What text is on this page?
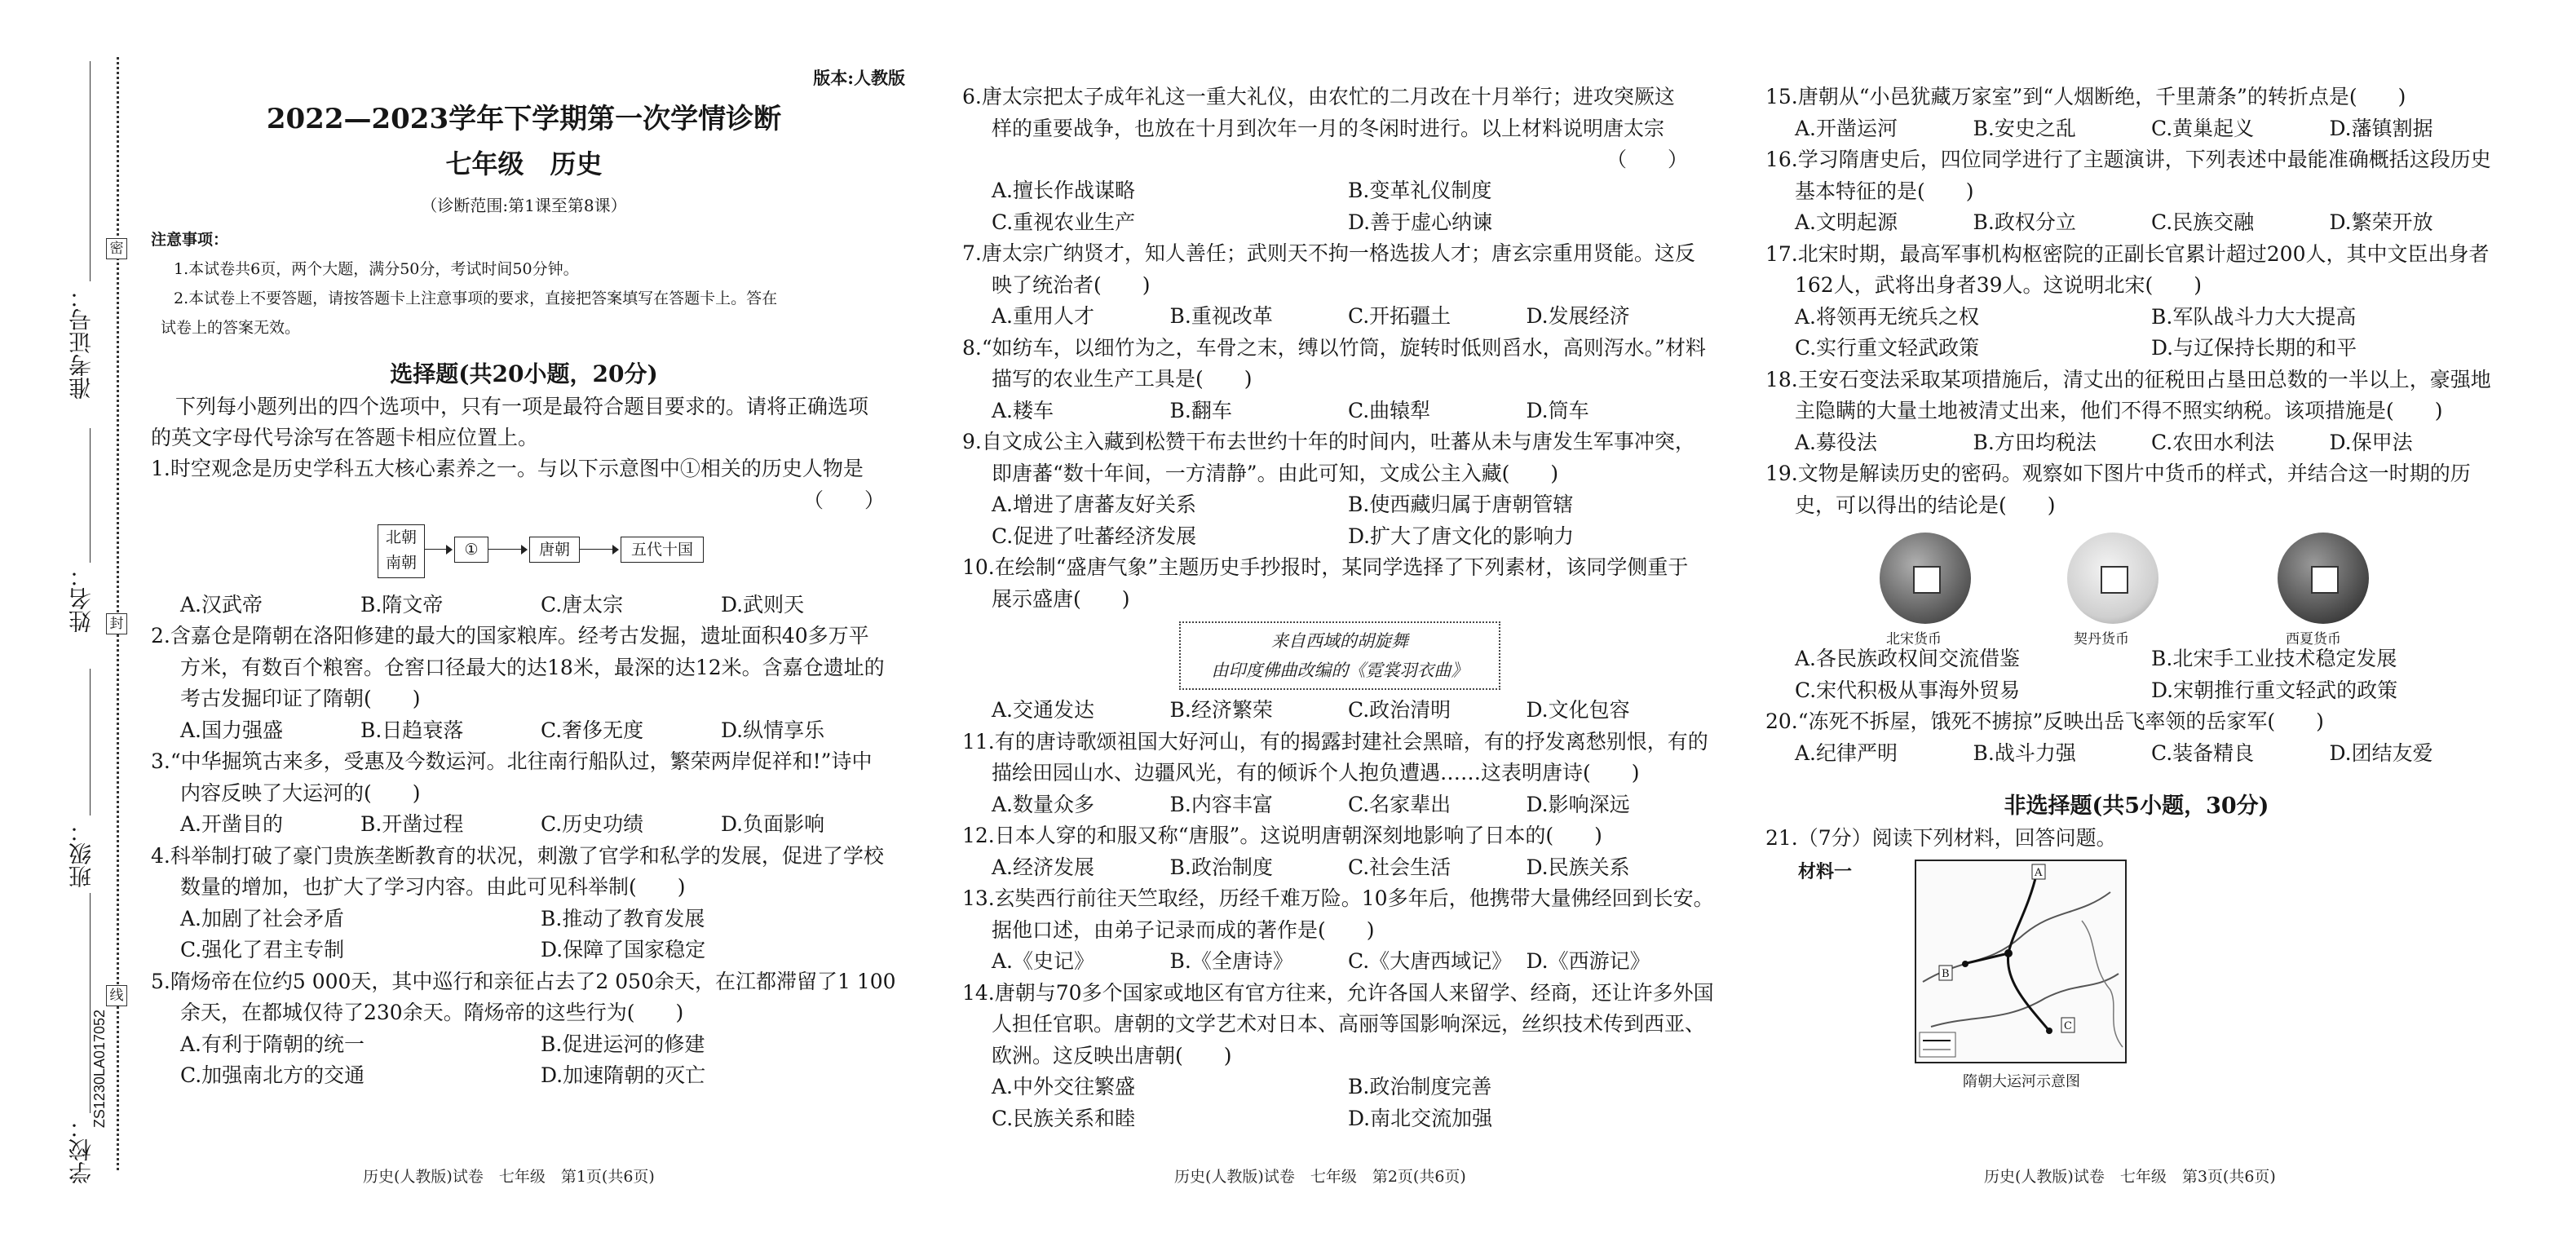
密
封
线
准考证号：
姓名：
班级：
学校：
ZS1230LA017052
版本:人教版
2022—2023学年下学期第一次学情诊断
七年级　历史
（诊断范围:第1课至第8课）
注意事项：
1.本试卷共6页，两个大题，满分50分，考试时间50分钟。
2.本试卷上不要答题，请按答题卡上注意事项的要求，直接把答案填写在答题卡上。答在
试卷上的答案无效。
选择题(共20小题，20分)

下列每小题列出的四个选项中，只有一项是最符合题目要求的。请将正确选项

的英文字母代号涂写在答题卡相应位置上。

1.时空观念是历史学科五大核心素养之一。与以下示意图中①相关的历史人物是

（　　）
北朝
南朝
①	唐朝	五代十国
A.汉武帝	B.隋文帝	C.唐太宗	D.武则天

2.含嘉仓是隋朝在洛阳修建的最大的国家粮库。经考古发掘，遗址面积40多万平

方米，有数百个粮窖。仓窖口径最大的达18米，最深的达12米。含嘉仓遗址的

考古发掘印证了隋朝(　　)

A.国力强盛	B.日趋衰落	C.奢侈无度	D.纵情享乐

3.“中华掘筑古来多，受惠及今数运河。北往南行船队过，繁荣两岸促祥和!”诗中

内容反映了大运河的(　　)

A.开凿目的	B.开凿过程	C.历史功绩	D.负面影响

4.科举制打破了豪门贵族垄断教育的状况，刺激了官学和私学的发展，促进了学校

数量的增加，也扩大了学习内容。由此可见科举制(　　)

A.加剧了社会矛盾	B.推动了教育发展
C.强化了君主专制	D.保障了国家稳定

5.隋炀帝在位约5 000天，其中巡行和亲征占去了2 050余天，在江都滞留了1 100

余天，在都城仅待了230余天。隋炀帝的这些行为(　　)

A.有利于隋朝的统一	B.促进运河的修建
C.加强南北方的交通	D.加速隋朝的灭亡
历史(人教版)试卷　七年级　第1页(共6页)

6.唐太宗把太子成年礼这一重大礼仪，由农忙的二月改在十月举行；进攻突厥这

样的重要战争，也放在十月到次年一月的冬闲时进行。以上材料说明唐太宗

（　　）
A.擅长作战谋略	B.变革礼仪制度
C.重视农业生产	D.善于虚心纳谏

7.唐太宗广纳贤才，知人善任；武则天不拘一格选拔人才；唐玄宗重用贤能。这反

映了统治者(　　)

A.重用人才	B.重视改革	C.开拓疆土	D.发展经济

8.“如纺车，以细竹为之，车骨之末，缚以竹筒，旋转时低则舀水，高则泻水。”材料

描写的农业生产工具是(　　)

A.耧车	B.翻车	C.曲辕犁	D.筒车

9.自文成公主入藏到松赞干布去世约十年的时间内，吐蕃从未与唐发生军事冲突，

即唐蕃“数十年间，一方清静”。由此可知，文成公主入藏(　　)

A.增进了唐蕃友好关系	B.使西藏归属于唐朝管辖
C.促进了吐蕃经济发展	D.扩大了唐文化的影响力

10.在绘制“盛唐气象”主题历史手抄报时，某同学选择了下列素材，该同学侧重于

展示盛唐(　　)

来自西域的胡旋舞
由印度佛曲改编的《霓裳羽衣曲》
A.交通发达	B.经济繁荣	C.政治清明	D.文化包容

11.有的唐诗歌颂祖国大好河山，有的揭露封建社会黑暗，有的抒发离愁别恨，有的

描绘田园山水、边疆风光，有的倾诉个人抱负遭遇……这表明唐诗(　　)

A.数量众多	B.内容丰富	C.名家辈出	D.影响深远

12.日本人穿的和服又称“唐服”。这说明唐朝深刻地影响了日本的(　　)

A.经济发展	B.政治制度	C.社会生活	D.民族关系

13.玄奘西行前往天竺取经，历经千难万险。10多年后，他携带大量佛经回到长安。

据他口述，由弟子记录而成的著作是(　　)

A.《史记》	B.《全唐诗》	C.《大唐西域记》 D.《西游记》

14.唐朝与70多个国家或地区有官方往来，允许各国人来留学、经商，还让许多外国

人担任官职。唐朝的文学艺术对日本、高丽等国影响深远，丝织技术传到西亚、

欧洲。这反映出唐朝(　　)

A.中外交往繁盛	B.政治制度完善
C.民族关系和睦	D.南北交流加强
历史(人教版)试卷　七年级　第2页(共6页)

15.唐朝从“小邑犹藏万家室”到“人烟断绝，千里萧条”的转折点是(　　)

A.开凿运河	B.安史之乱	C.黄巢起义	D.藩镇割据

16.学习隋唐史后，四位同学进行了主题演讲，下列表述中最能准确概括这段历史

基本特征的是(　　)

A.文明起源	B.政权分立	C.民族交融	D.繁荣开放

17.北宋时期，最高军事机构枢密院的正副长官累计超过200人，其中文臣出身者

162人，武将出身者39人。这说明北宋(　　)

A.将领再无统兵之权	B.军队战斗力大大提高
C.实行重文轻武政策	D.与辽保持长期的和平

18.王安石变法采取某项措施后，清丈出的征税田占垦田总数的一半以上，豪强地

主隐瞒的大量土地被清丈出来，他们不得不照实纳税。该项措施是(　　)

A.募役法	B.方田均税法	C.农田水利法	D.保甲法

19.文物是解读历史的密码。观察如下图片中货币的样式，并结合这一时期的历

史，可以得出的结论是(　　)

北宋货币	契丹货币	西夏货币
A.各民族政权间交流借鉴	B.北宋手工业技术稳定发展
C.宋代积极从事海外贸易	D.宋朝推行重文轻武的政策

20.“冻死不拆屋，饿死不掳掠”反映出岳飞率领的岳家军(　　)

A.纪律严明	B.战斗力强	C.装备精良	D.团结友爱
非选择题(共5小题，30分)

21.（7分）阅读下列材料，回答问题。

材料一	A
B
C
隋朝大运河示意图
历史(人教版)试卷　七年级　第3页(共6页)
